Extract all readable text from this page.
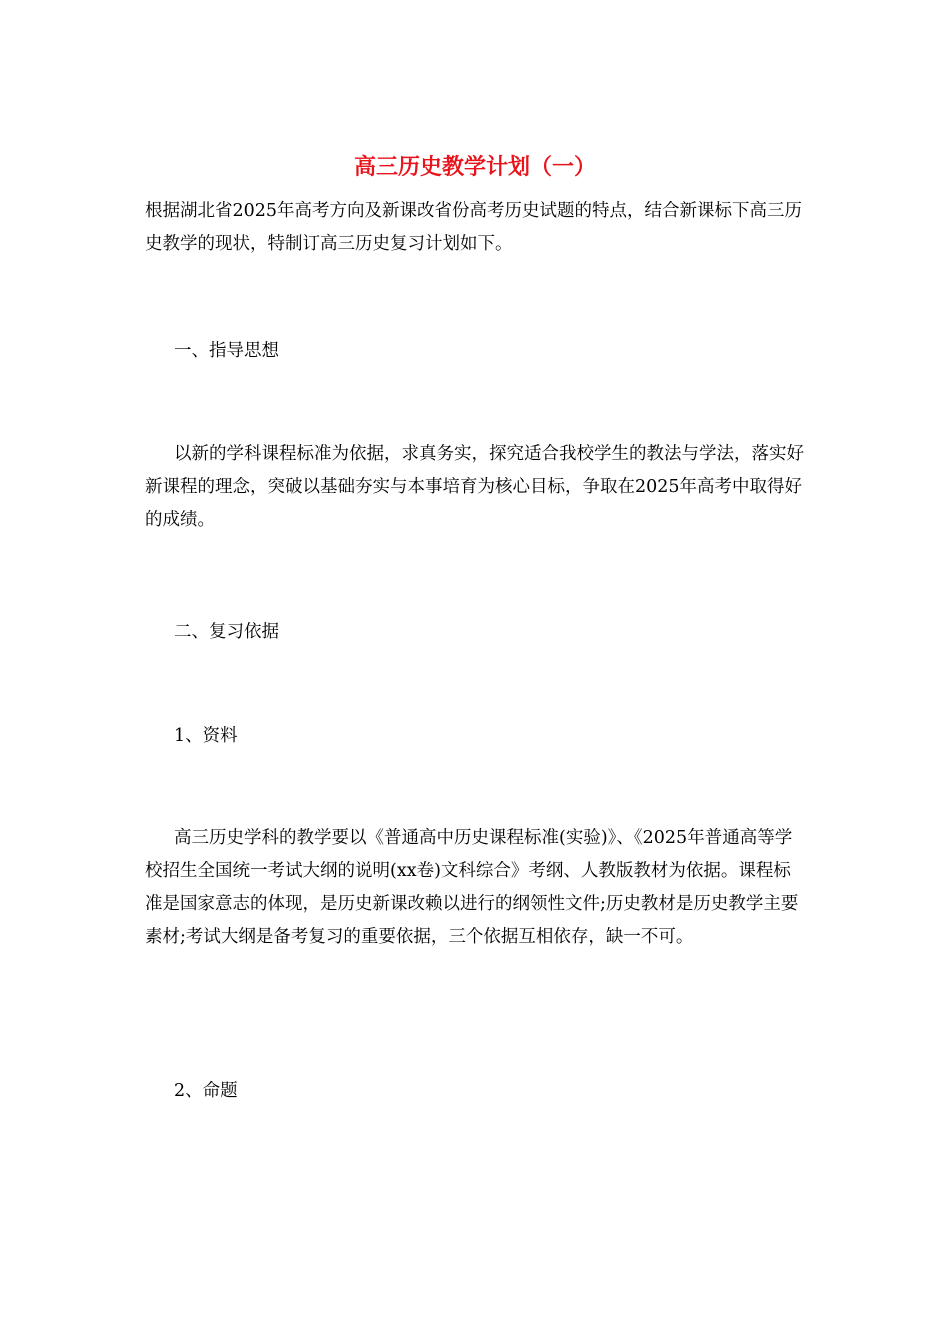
高三历史教学计划（一）

根据湖北省2025年高考方向及新课改省份高考历史试题的特点，结合新课标下高三历史教学的现状，特制订高三历史复习计划如下。

一、指导思想

以新的学科课程标准为依据，求真务实，探究适合我校学生的教法与学法，落实好新课程的理念，突破以基础夯实与本事培育为核心目标，争取在2025年高考中取得好的成绩。

二、复习依据

1、资料

高三历史学科的教学要以《普通高中历史课程标准(实验)》、《2025年普通高等学校招生全国统一考试大纲的说明(xx卷)文科综合》考纲、人教版教材为依据。课程标准是国家意志的体现，是历史新课改赖以进行的纲领性文件;历史教材是历史教学主要素材;考试大纲是备考复习的重要依据，三个依据互相依存，缺一不可。

2、命题
